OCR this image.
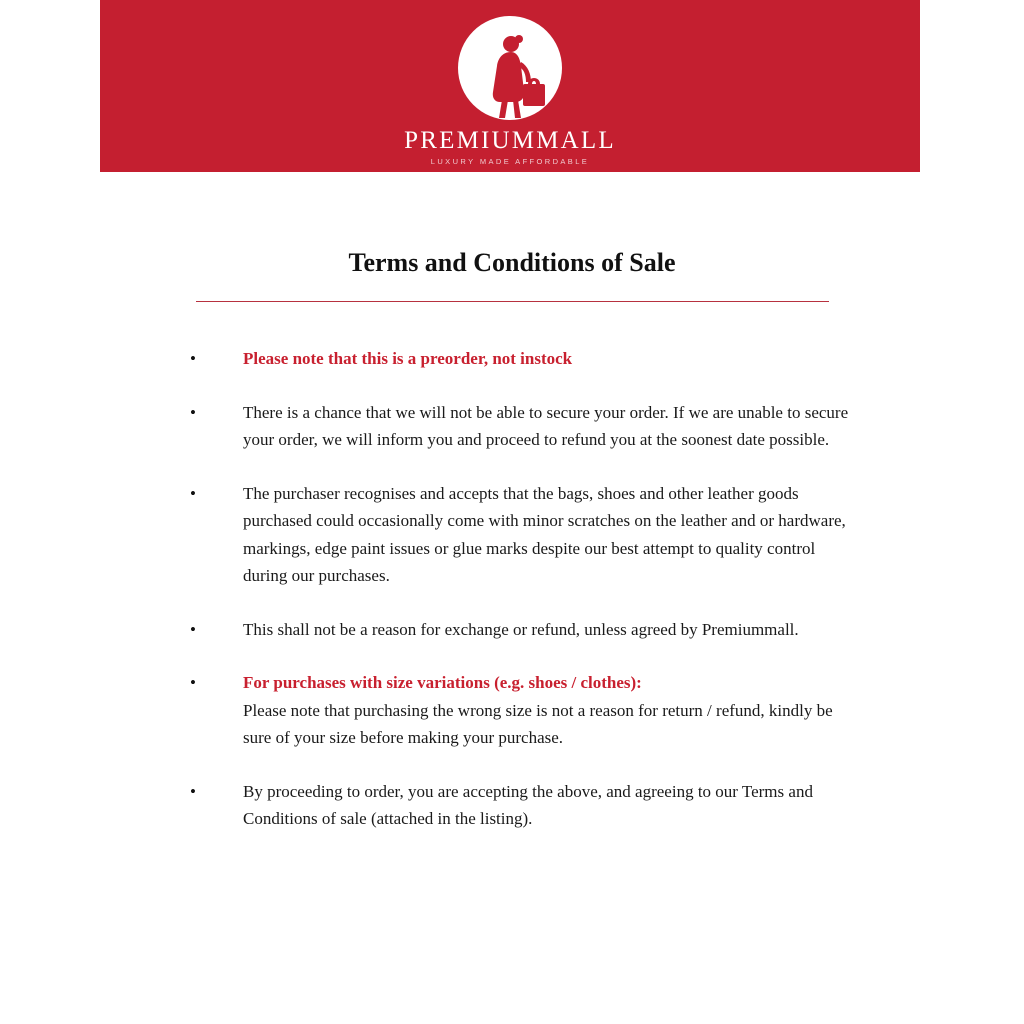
PREMIUMMALL
LUXURY MADE AFFORDABLE
Terms and Conditions of Sale
•	Please note that this is a preorder, not instock
•	There is a chance that we will not be able to secure your order. If we are unable to secure your order, we will inform you and proceed to refund you at the soonest date possible.
•	The purchaser recognises and accepts that the bags, shoes and other leather goods purchased could occasionally come with minor scratches on the leather and or hardware, markings, edge paint issues or glue marks despite our best attempt to quality control during our purchases.
•	This shall not be a reason for exchange or refund, unless agreed by Premiummall.
•	For purchases with size variations (e.g. shoes / clothes):
Please note that purchasing the wrong size is not a reason for return / refund, kindly be sure of your size before making your purchase.
•	By proceeding to order, you are accepting the above, and agreeing to our Terms and Conditions of sale (attached in the listing).
